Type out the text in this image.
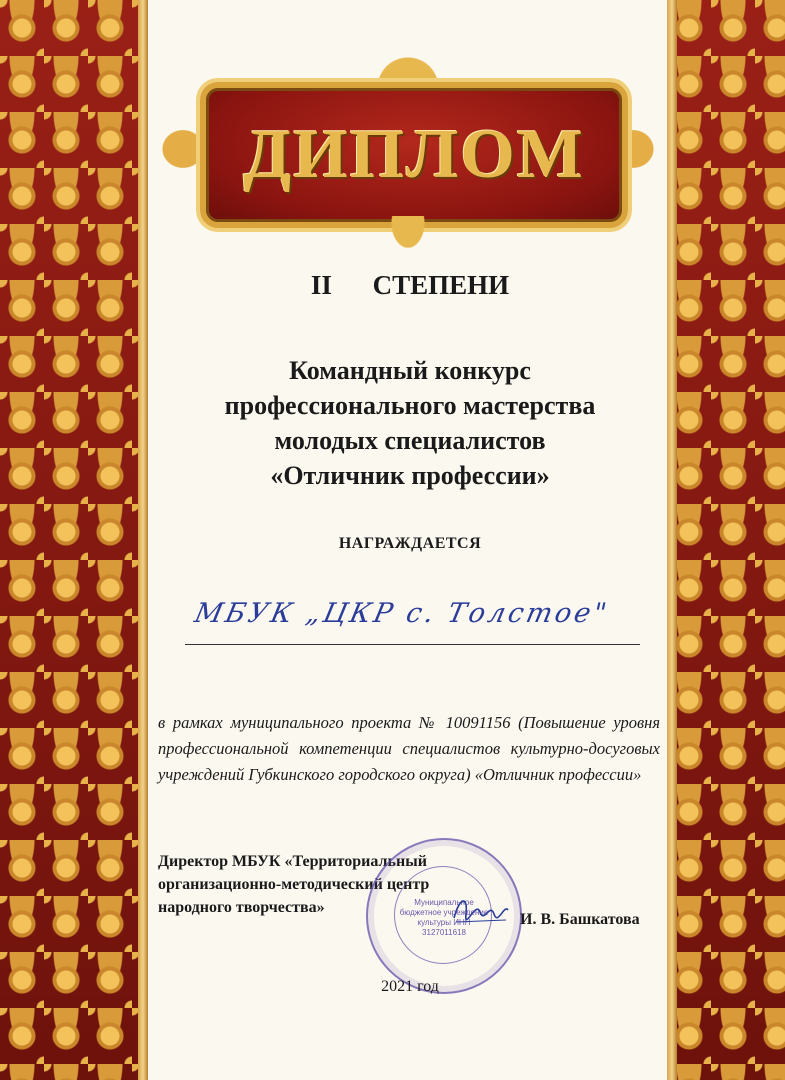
ДИПЛОМ
II СТЕПЕНИ
Командный конкурс
профессионального мастерства
молодых специалистов
«Отличник профессии»
НАГРАЖДАЕТСЯ
МБУК „ЦКР с. Толстое"
в рамках муниципального проекта № 10091156 (Повышение уровня профессиональной компетенции специалистов культурно-досуговых учреждений Губкинского городского округа) «Отличник профессии»
Директор МБУК «Территориальный
организационно-методический центр
народного творчества»	Муниципальное бюджетное учреждение культуры ИНН 3127011618
И. В. Башкатова
2021 год
